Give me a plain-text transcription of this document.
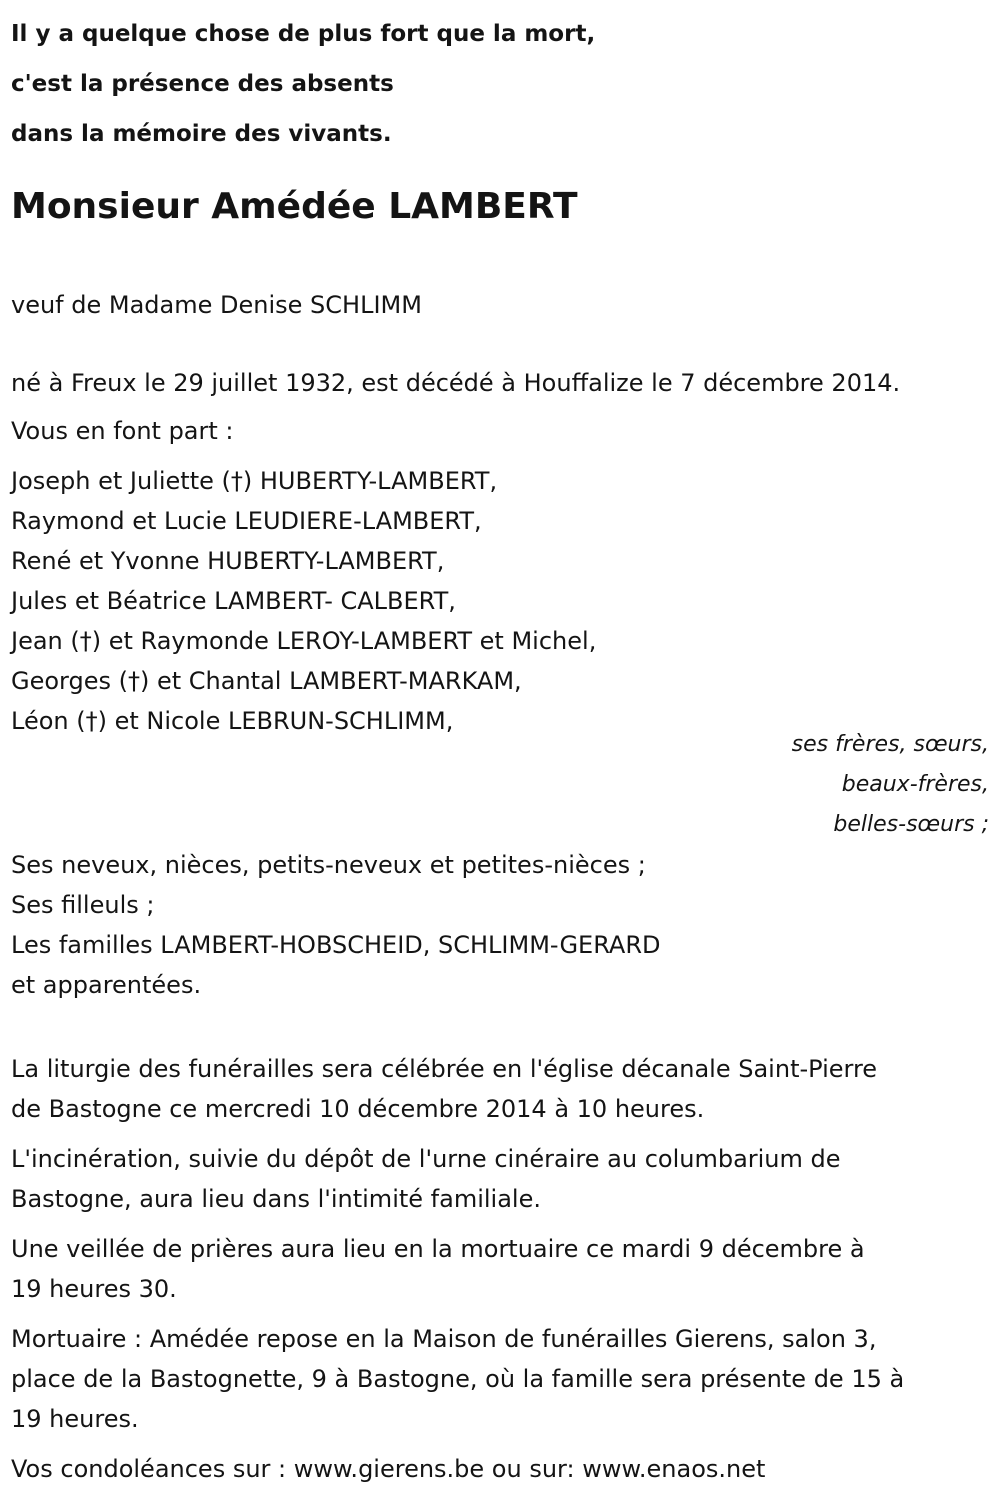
Il y a quelque chose de plus fort que la mort,
c'est la présence des absents
dans la mémoire des vivants.
Monsieur Amédée LAMBERT
veuf de Madame Denise SCHLIMM
né à Freux le 29 juillet 1932, est décédé à Houffalize le 7 décembre 2014.
Vous en font part :
Joseph et Juliette (†) HUBERTY-LAMBERT,
Raymond et Lucie LEUDIERE-LAMBERT,
René et Yvonne HUBERTY-LAMBERT,
Jules et Béatrice LAMBERT- CALBERT,
Jean (†) et Raymonde LEROY-LAMBERT et Michel,
Georges (†) et Chantal LAMBERT-MARKAM,
Léon (†) et Nicole LEBRUN-SCHLIMM,
ses frères, sœurs,
beaux-frères,
belles-sœurs ;
Ses neveux, nièces, petits-neveux et petites-nièces ;
Ses filleuls ;
Les familles LAMBERT-HOBSCHEID, SCHLIMM-GERARD
et apparentées.

La liturgie des funérailles sera célébrée en l'église décanale Saint-Pierre
de Bastogne ce mercredi 10 décembre 2014 à 10 heures.

L'incinération, suivie du dépôt de l'urne cinéraire au columbarium de
Bastogne, aura lieu dans l'intimité familiale.

Une veillée de prières aura lieu en la mortuaire ce mardi 9 décembre à
19 heures 30.

Mortuaire : Amédée repose en la Maison de funérailles Gierens, salon 3,
place de la Bastognette, 9 à Bastogne, où la famille sera présente de 15 à
19 heures.

Vos condoléances sur : www.gierens.be ou sur: www.enaos.net
